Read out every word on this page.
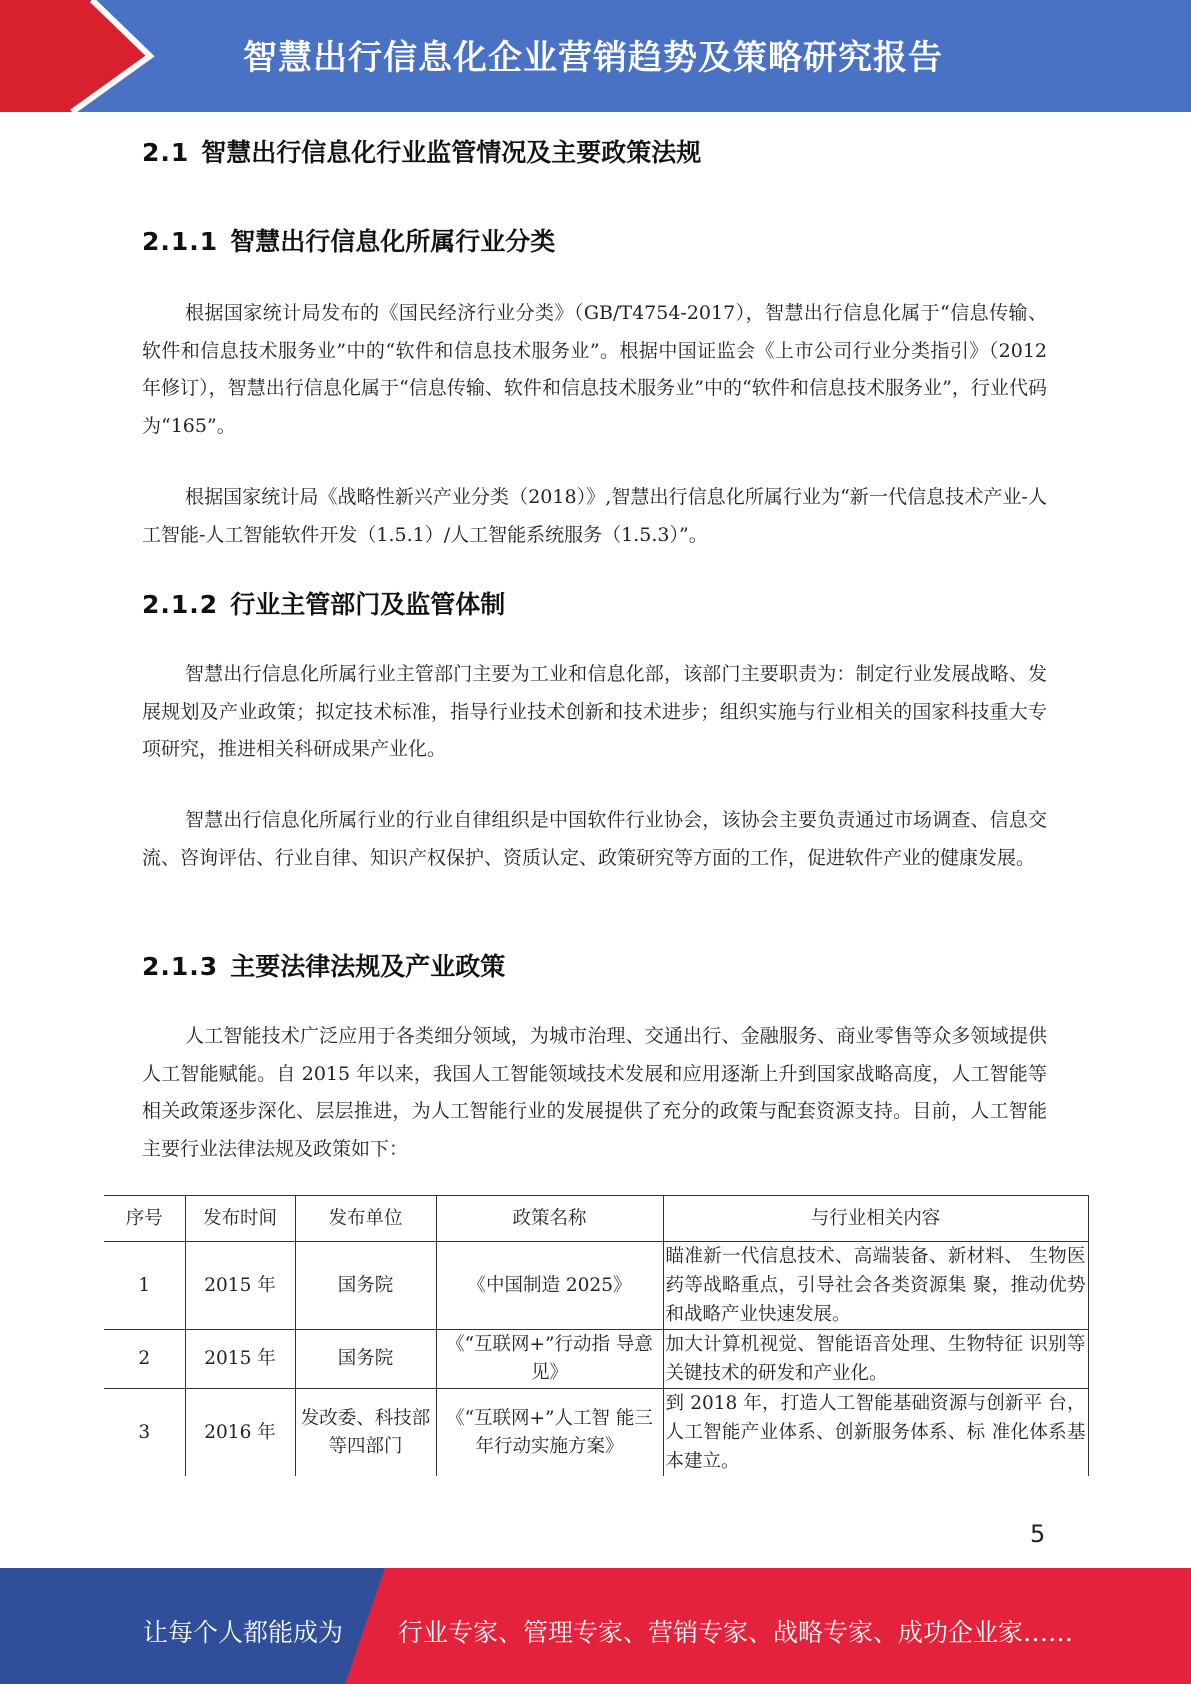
智慧出行信息化企业营销趋势及策略研究报告
2.1 智慧出行信息化行业监管情况及主要政策法规
2.1.1 智慧出行信息化所属行业分类

根据国家统计局发布的《国民经济行业分类》（GB/T4754-2017），智慧出行信息化属于“信息传输、软件和信息技术服务业”中的“软件和信息技术服务业”。根据中国证监会《上市公司行业分类指引》（2012 年修订），智慧出行信息化属于“信息传输、软件和信息技术服务业”中的“软件和信息技术服务业”，行业代码为“165”。

根据国家统计局《战略性新兴产业分类（2018）》,智慧出行信息化所属行业为“新一代信息技术产业-人工智能-人工智能软件开发（1.5.1）/人工智能系统服务（1.5.3）”。

2.1.2 行业主管部门及监管体制

智慧出行信息化所属行业主管部门主要为工业和信息化部，该部门主要职责为：制定行业发展战略、发展规划及产业政策；拟定技术标准，指导行业技术创新和技术进步；组织实施与行业相关的国家科技重大专项研究，推进相关科研成果产业化。

智慧出行信息化所属行业的行业自律组织是中国软件行业协会，该协会主要负责通过市场调查、信息交流、咨询评估、行业自律、知识产权保护、资质认定、政策研究等方面的工作，促进软件产业的健康发展。

2.1.3 主要法律法规及产业政策

人工智能技术广泛应用于各类细分领域，为城市治理、交通出行、金融服务、商业零售等众多领域提供人工智能赋能。自 2015 年以来，我国人工智能领域技术发展和应用逐渐上升到国家战略高度，人工智能等相关政策逐步深化、层层推进，为人工智能行业的发展提供了充分的政策与配套资源支持。目前，人工智能主要行业法律法规及政策如下：

序号	发布时间	发布单位	政策名称	与行业相关内容
1	2015 年	国务院	《中国制造 2025》	瞄准新一代信息技术、高端装备、新材料、 生物医药等战略重点，引导社会各类资源集 聚，推动优势和战略产业快速发展。
2	2015 年	国务院	《“互联网+”行动指 导意见》	加大计算机视觉、智能语音处理、生物特征 识别等关键技术的研发和产业化。
3	2016 年	发改委、科技部等四部门	《“互联网+”人工智 能三年行动实施方案》	到 2018 年，打造人工智能基础资源与创新平 台，人工智能产业体系、创新服务体系、标 准化体系基本建立。
5
让每个人都能成为 行业专家、管理专家、营销专家、战略专家、成功企业家……
